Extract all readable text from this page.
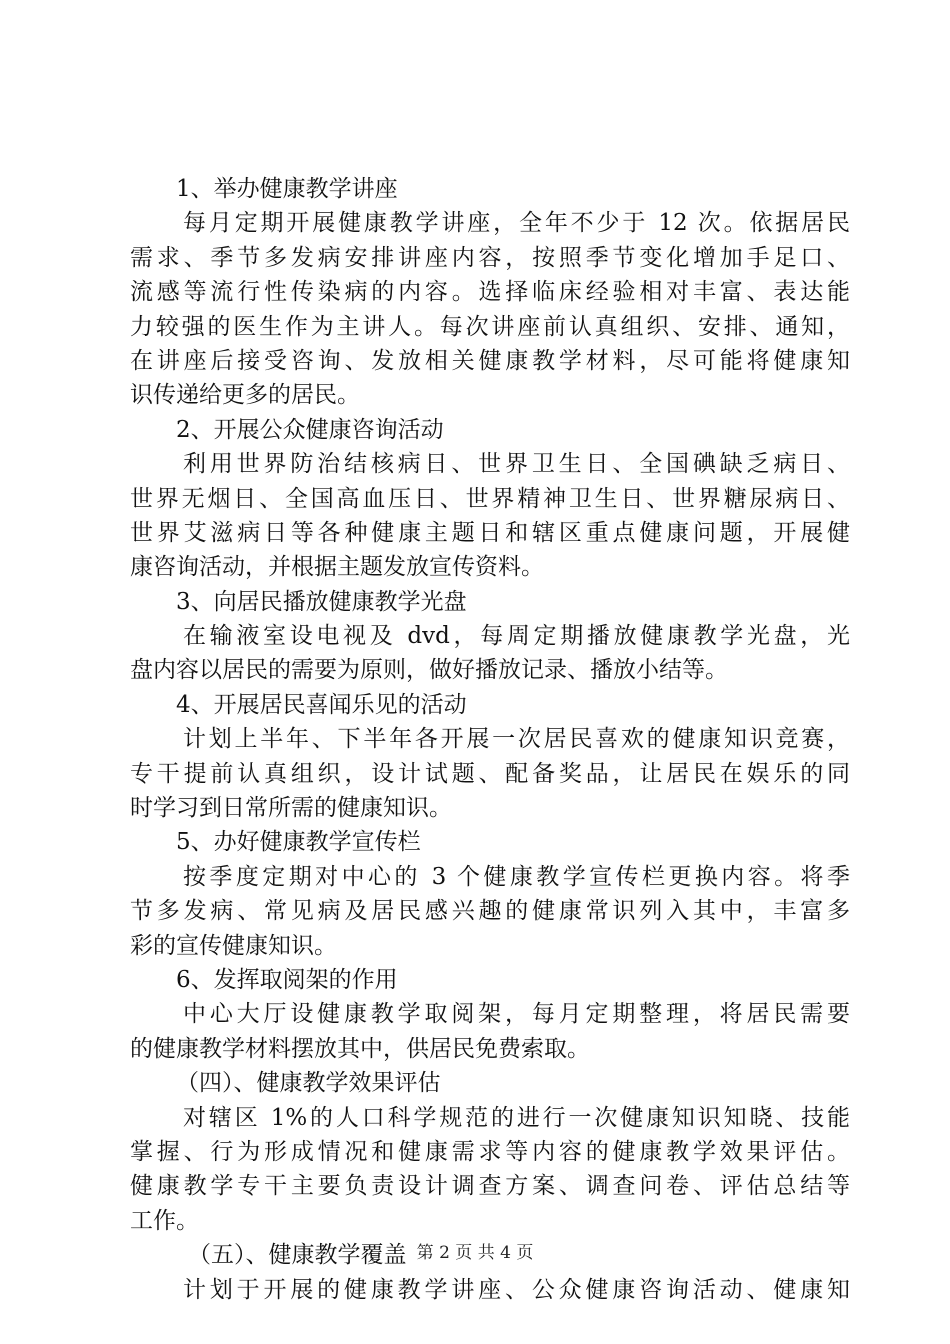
1、举办健康教学讲座
每月定期开展健康教学讲座，全年不少于 12 次。依据居民
需求、季节多发病安排讲座内容，按照季节变化增加手足口、
流感等流行性传染病的内容。选择临床经验相对丰富、表达能
力较强的医生作为主讲人。每次讲座前认真组织、安排、通知，
在讲座后接受咨询、发放相关健康教学材料，尽可能将健康知
识传递给更多的居民。
2、开展公众健康咨询活动
利用世界防治结核病日、世界卫生日、全国碘缺乏病日、
世界无烟日、全国高血压日、世界精神卫生日、世界糖尿病日、
世界艾滋病日等各种健康主题日和辖区重点健康问题，开展健
康咨询活动，并根据主题发放宣传资料。
3、向居民播放健康教学光盘
在输液室设电视及 dvd，每周定期播放健康教学光盘，光
盘内容以居民的需要为原则，做好播放记录、播放小结等。
4、开展居民喜闻乐见的活动
计划上半年、下半年各开展一次居民喜欢的健康知识竞赛，
专干提前认真组织，设计试题、配备奖品，让居民在娱乐的同
时学习到日常所需的健康知识。
5、办好健康教学宣传栏
按季度定期对中心的 3 个健康教学宣传栏更换内容。将季
节多发病、常见病及居民感兴趣的健康常识列入其中，丰富多
彩的宣传健康知识。
6、发挥取阅架的作用
中心大厅设健康教学取阅架，每月定期整理，将居民需要
的健康教学材料摆放其中，供居民免费索取。
（四）、健康教学效果评估
对辖区 1%的人口科学规范的进行一次健康知识知晓、技能
掌握、行为形成情况和健康需求等内容的健康教学效果评估。
健康教学专干主要负责设计调查方案、调查问卷、评估总结等
工作。
（五）、健康教学覆盖
计划于开展的健康教学讲座、公众健康咨询活动、健康知
第 2 页 共 4 页
